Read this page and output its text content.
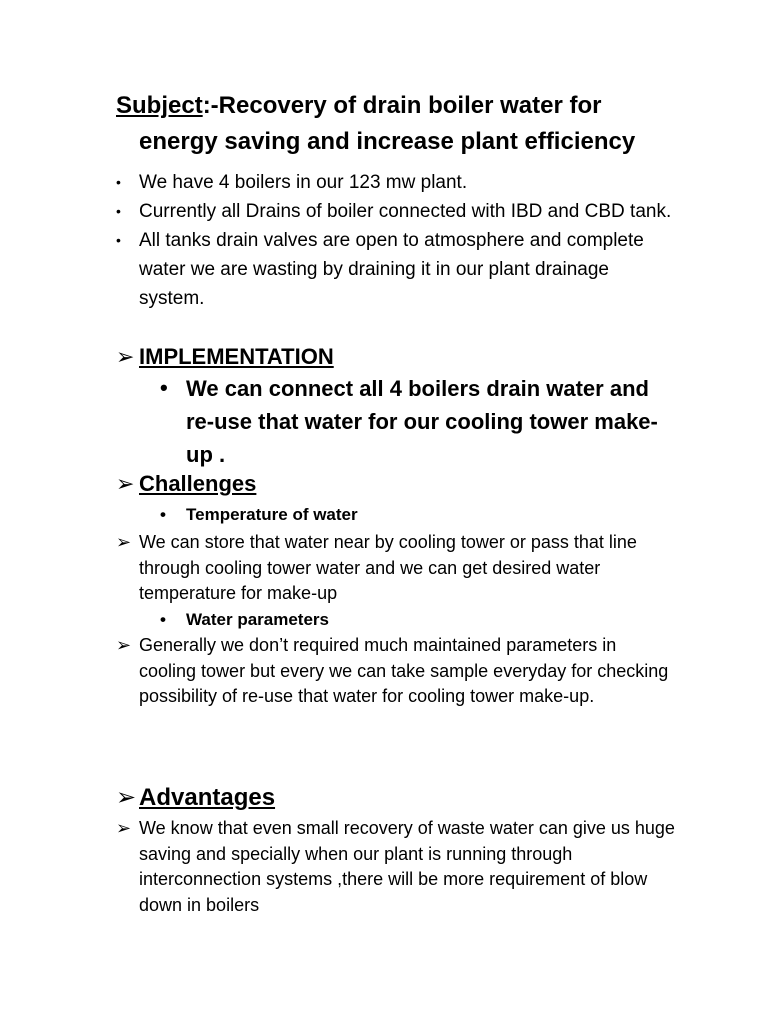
Subject:-Recovery of drain boiler water for
energy saving and increase plant efficiency
• We have 4 boilers in our 123 mw plant.
• Currently all Drains of boiler connected with IBD and CBD tank.
• All tanks drain valves are open to atmosphere and complete water we are wasting by draining it in our plant drainage system.
➢ IMPLEMENTATION
• We can connect all 4 boilers drain water and re-use that water for our cooling tower make-up .
➢ Challenges
• Temperature of water
➢ We can store that water near by cooling tower or pass that line through cooling tower water and we can get desired water temperature for make-up
• Water parameters
➢ Generally we don’t required much maintained parameters in cooling tower but every we can take sample everyday for checking possibility of re-use that water for cooling tower make-up.
➢ Advantages
➢ We know that even small recovery of waste water can give us huge saving and specially when our plant is running through interconnection systems ,there will be more requirement of blow down in boilers
